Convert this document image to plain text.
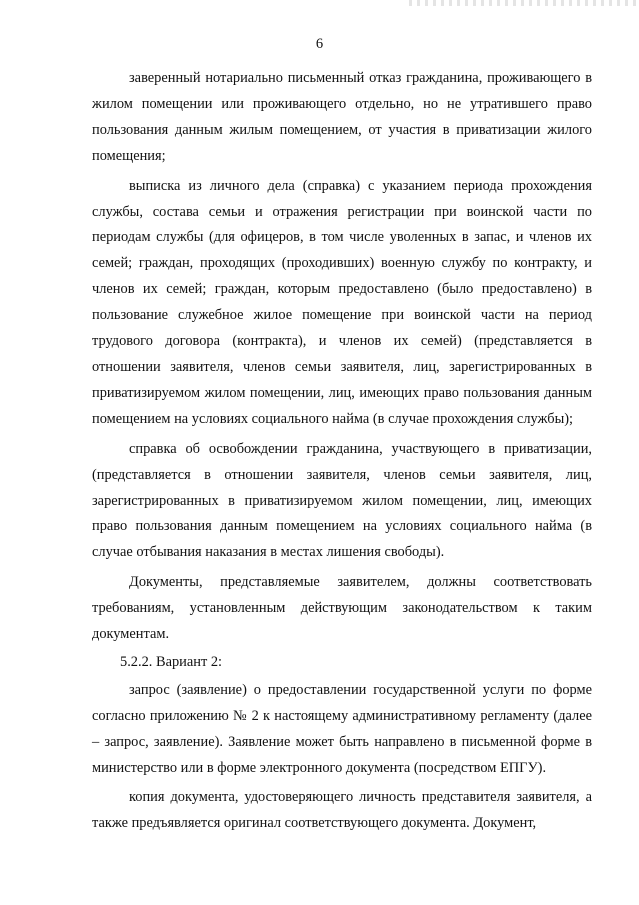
6

заверенный нотариально письменный отказ гражданина, проживающего в жилом помещении или проживающего отдельно, но не утратившего право пользования данным жилым помещением, от участия в приватизации жилого помещения;

выписка из личного дела (справка) с указанием периода прохождения службы, состава семьи и отражения регистрации при воинской части по периодам службы (для офицеров, в том числе уволенных в запас, и членов их семей; граждан, проходящих (проходивших) военную службу по контракту, и членов их семей; граждан, которым предоставлено (было предоставлено) в пользование служебное жилое помещение при воинской части на период трудового договора (контракта), и членов их семей) (представляется в отношении заявителя, членов семьи заявителя, лиц, зарегистрированных в приватизируемом жилом помещении, лиц, имеющих право пользования данным помещением на условиях социального найма (в случае прохождения службы);

справка об освобождении гражданина, участвующего в приватизации, (представляется в отношении заявителя, членов семьи заявителя, лиц, зарегистрированных в приватизируемом жилом помещении, лиц, имеющих право пользования данным помещением на условиях социального найма (в случае отбывания наказания в местах лишения свободы).

Документы, представляемые заявителем, должны соответствовать требованиям, установленным действующим законодательством к таким документам.

5.2.2. Вариант 2:

запрос (заявление) о предоставлении государственной услуги по форме согласно приложению № 2 к настоящему административному регламенту (далее – запрос, заявление). Заявление может быть направлено в письменной форме в министерство или в форме электронного документа (посредством ЕПГУ).

копия документа, удостоверяющего личность представителя заявителя, а также предъявляется оригинал соответствующего документа. Документ,
